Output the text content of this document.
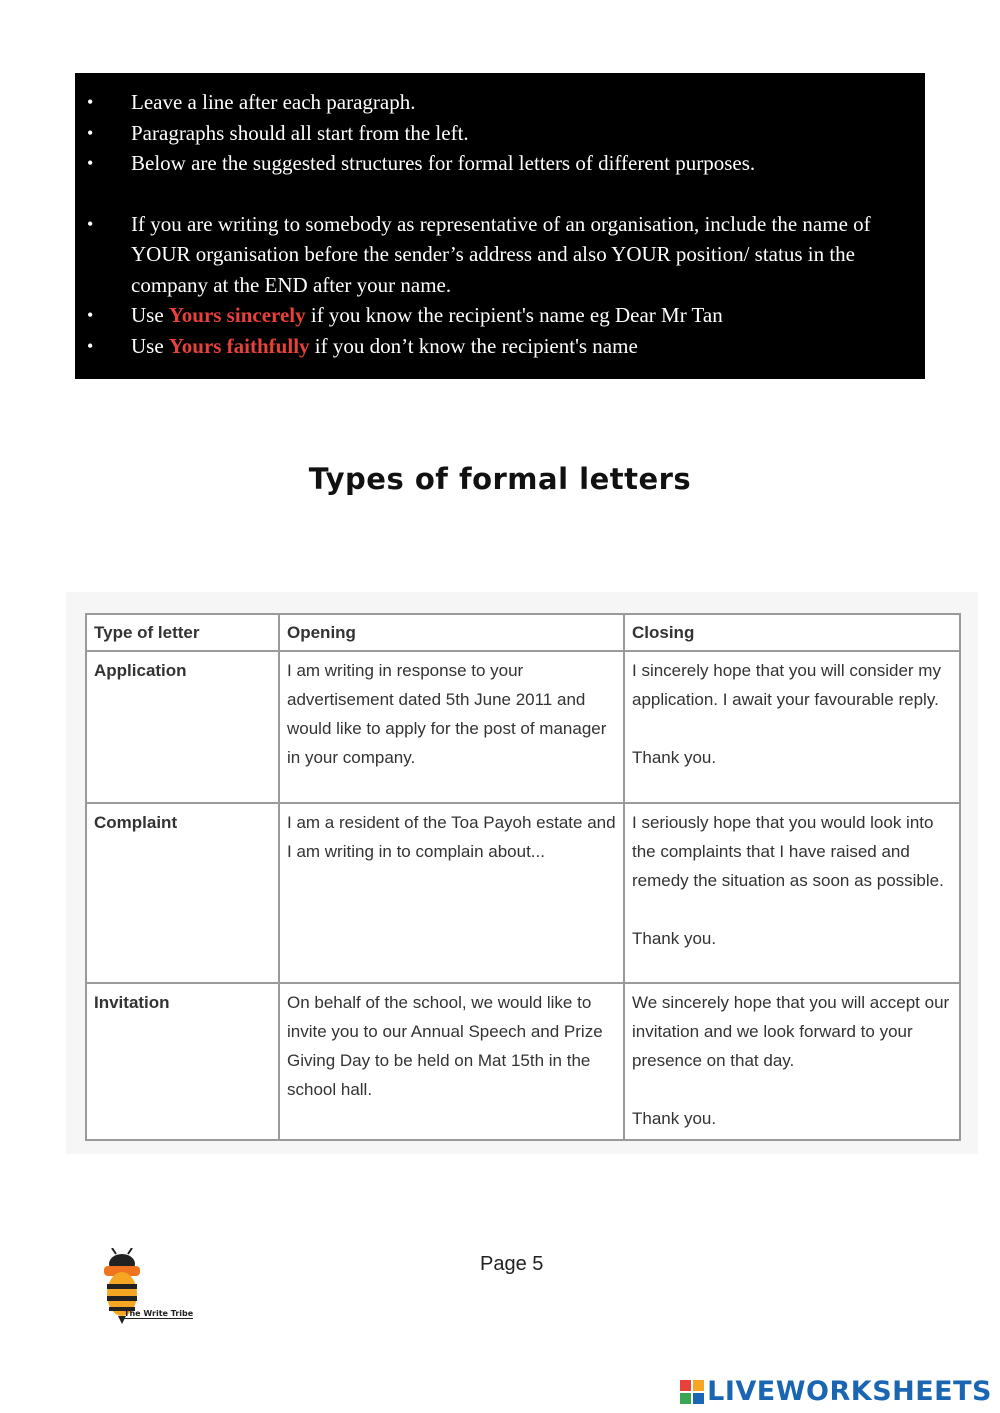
• Leave a line after each paragraph.
• Paragraphs should all start from the left.
• Below are the suggested structures for formal letters of different purposes.
• If you are writing to somebody as representative of an organisation, include the name of YOUR organisation before the sender’s address and also YOUR position/ status in the company at the END after your name.
• Use Yours sincerely if you know the recipient's name eg Dear Mr Tan
• Use Yours faithfully if you don’t know the recipient's name
Types of formal letters
Type of letter	Opening	Closing
Application	I am writing in response to your advertisement dated 5th June 2011 and would like to apply for the post of manager in your company.	I sincerely hope that you will consider my application. I await your favourable reply.
Thank you.

Complaint	I am a resident of the Toa Payoh estate and I am writing in to complain about...	I seriously hope that you would look into the complaints that I have raised and remedy the situation as soon as possible.
Thank you.

Invitation	On behalf of the school, we would like to invite you to our Annual Speech and Prize Giving Day to be held on Mat 15th in the school hall.	We sincerely hope that you will accept our invitation and we look forward to your presence on that day.
Thank you.
Page 5
The Write Tribe
LIVEWORKSHEETS
